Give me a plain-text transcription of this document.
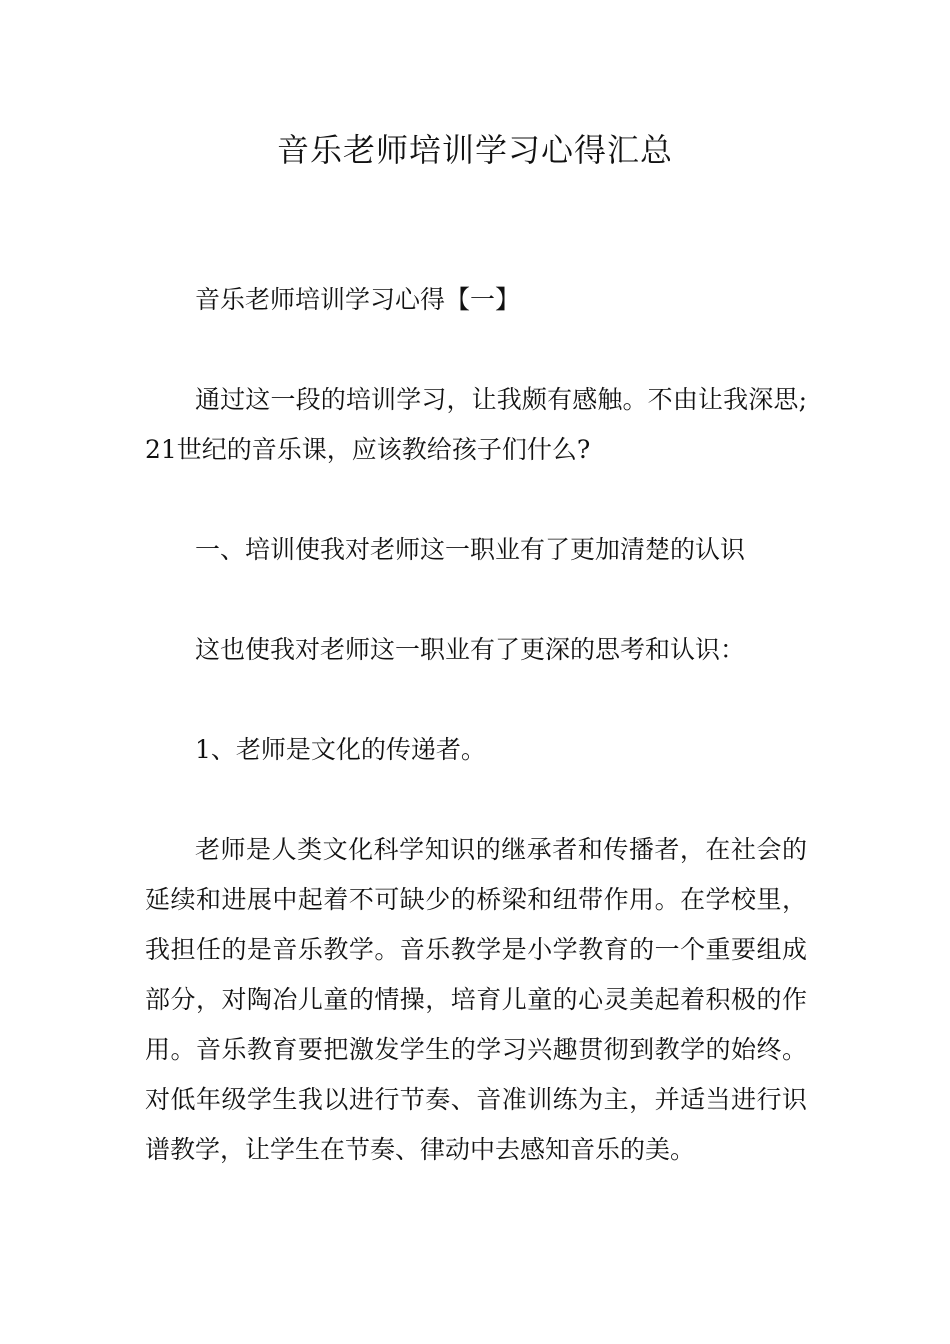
音乐老师培训学习心得汇总

音乐老师培训学习心得【一】

通过这一段的培训学习，让我颇有感触。不由让我深思;21世纪的音乐课，应该教给孩子们什么?

一、培训使我对老师这一职业有了更加清楚的认识

这也使我对老师这一职业有了更深的思考和认识：

1、老师是文化的传递者。

老师是人类文化科学知识的继承者和传播者，在社会的延续和进展中起着不可缺少的桥梁和纽带作用。在学校里，我担任的是音乐教学。音乐教学是小学教育的一个重要组成部分，对陶冶儿童的情操，培育儿童的心灵美起着积极的作用。音乐教育要把激发学生的学习兴趣贯彻到教学的始终。对低年级学生我以进行节奏、音准训练为主，并适当进行识谱教学，让学生在节奏、律动中去感知音乐的美。
